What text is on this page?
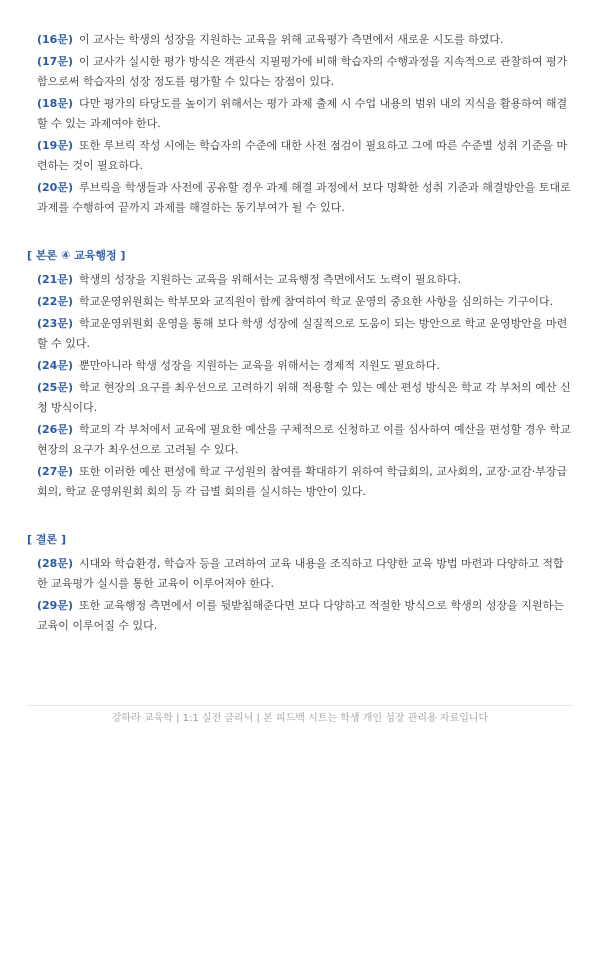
(16문) 이 교사는 학생의 성장을 지원하는 교육을 위해 교육평가 측면에서 새로운 시도를 하였다.
(17문) 이 교사가 실시한 평가 방식은 객관식 지필평가에 비해 학습자의 수행과정을 지속적으로 관찰하여 평가함으로써 학습자의 성장 정도를 평가할 수 있다는 장점이 있다.
(18문) 다만 평가의 타당도를 높이기 위해서는 평가 과제 출제 시 수업 내용의 범위 내의 지식을 활용하여 해결할 수 있는 과제여야 한다.
(19문) 또한 루브릭 작성 시에는 학습자의 수준에 대한 사전 점검이 필요하고 그에 따른 수준별 성취 기준을 마련하는 것이 필요하다.
(20문) 루브릭을 학생들과 사전에 공유할 경우 과제 해결 과정에서 보다 명확한 성취 기준과 해결방안을 토대로 과제를 수행하여 끝까지 과제를 해결하는 동기부여가 될 수 있다.
[ 본론 ④ 교육행정 ]
(21문) 학생의 성장을 지원하는 교육을 위해서는 교육행정 측면에서도 노력이 필요하다.
(22문) 학교운영위원회는 학부모와 교직원이 함께 참여하여 학교 운영의 중요한 사항을 심의하는 기구이다.
(23문) 학교운영위원회 운영을 통해 보다 학생 성장에 실질적으로 도움이 되는 방안으로 학교 운영방안을 마련할 수 있다.
(24문) 뿐만아니라 학생 성장을 지원하는 교육을 위해서는 경제적 지원도 필요하다.
(25문) 학교 현장의 요구를 최우선으로 고려하기 위해 적용할 수 있는 예산 편성 방식은 학교 각 부처의 예산 신청 방식이다.
(26문) 학교의 각 부처에서 교육에 필요한 예산을 구체적으로 신청하고 이를 심사하여 예산을 편성할 경우 학교 현장의 요구가 최우선으로 고려될 수 있다.
(27문) 또한 이러한 예산 편성에 학교 구성원의 참여를 확대하기 위하여 학급회의, 교사회의, 교장·교감·부장급 회의, 학교 운영위원회 회의 등 각 급별 회의를 실시하는 방안이 있다.
[ 결론 ]
(28문) 시대와 학습환경, 학습자 등을 고려하여 교육 내용을 조직하고 다양한 교육 방법 마련과 다양하고 적합한 교육평가 실시를 통한 교육이 이루어져야 한다.
(29문) 또한 교육행정 측면에서 이를 뒷받침해준다면 보다 다양하고 적절한 방식으로 학생의 성장을 지원하는 교육이 이루어질 수 있다.
강하라 교육학 | 1:1 실전 클리닉 | 본 피드백 시트는 학생 개인 성장 관리용 자료입니다
